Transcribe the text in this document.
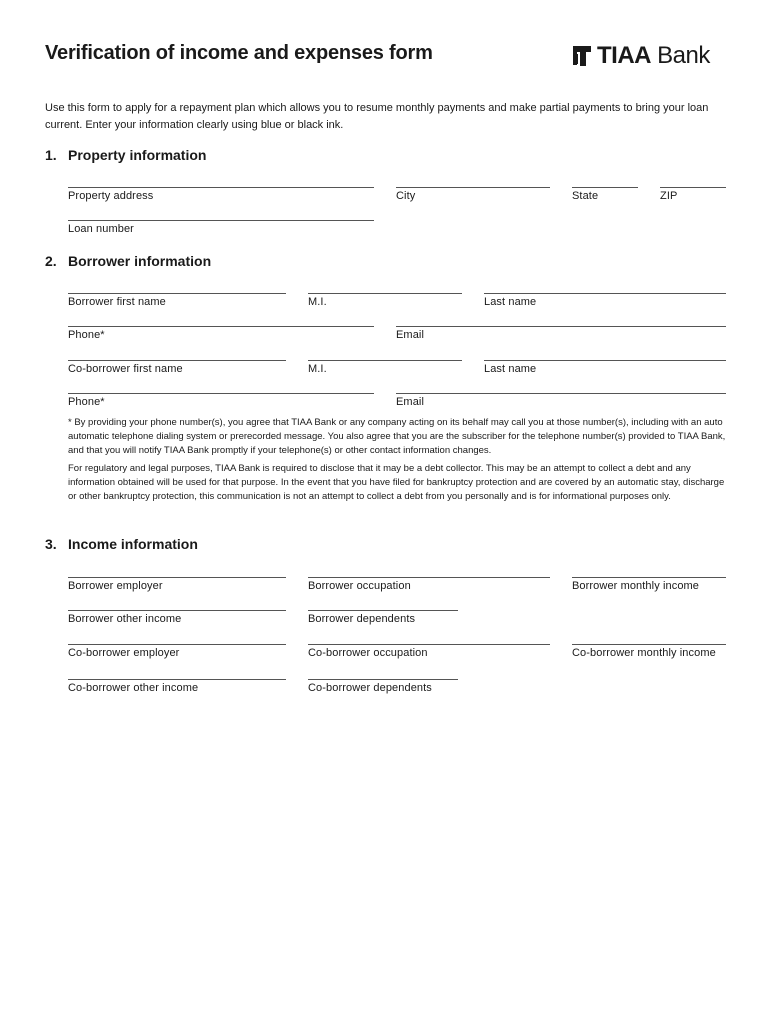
Verification of income and expenses form	TIAA Bank
Use this form to apply for a repayment plan which allows you to resume monthly payments and make partial payments to bring your loan current. Enter your information clearly using blue or black ink.
1. Property information
Property address	City	State	ZIP
Loan number
2. Borrower information
Borrower first name	M.I.	Last name
Phone*	Email
Co-borrower first name	M.I.	Last name
Phone*	Email
* By providing your phone number(s), you agree that TIAA Bank or any company acting on its behalf may call you at those number(s), including with an auto automatic telephone dialing system or prerecorded message. You also agree that you are the subscriber for the telephone number(s) provided to TIAA Bank, and that you will notify TIAA Bank promptly if your telephone(s) or other contact information changes.
For regulatory and legal purposes, TIAA Bank is required to disclose that it may be a debt collector. This may be an attempt to collect a debt and any information obtained will be used for that purpose. In the event that you have filed for bankruptcy protection and are covered by an automatic stay, discharge or other bankruptcy protection, this communication is not an attempt to collect a debt from you personally and is for informational purposes only.
3. Income information
Borrower employer	Borrower occupation	Borrower monthly income
Borrower other income	Borrower dependents
Co-borrower employer	Co-borrower occupation	Co-borrower monthly income
Co-borrower other income	Co-borrower dependents
